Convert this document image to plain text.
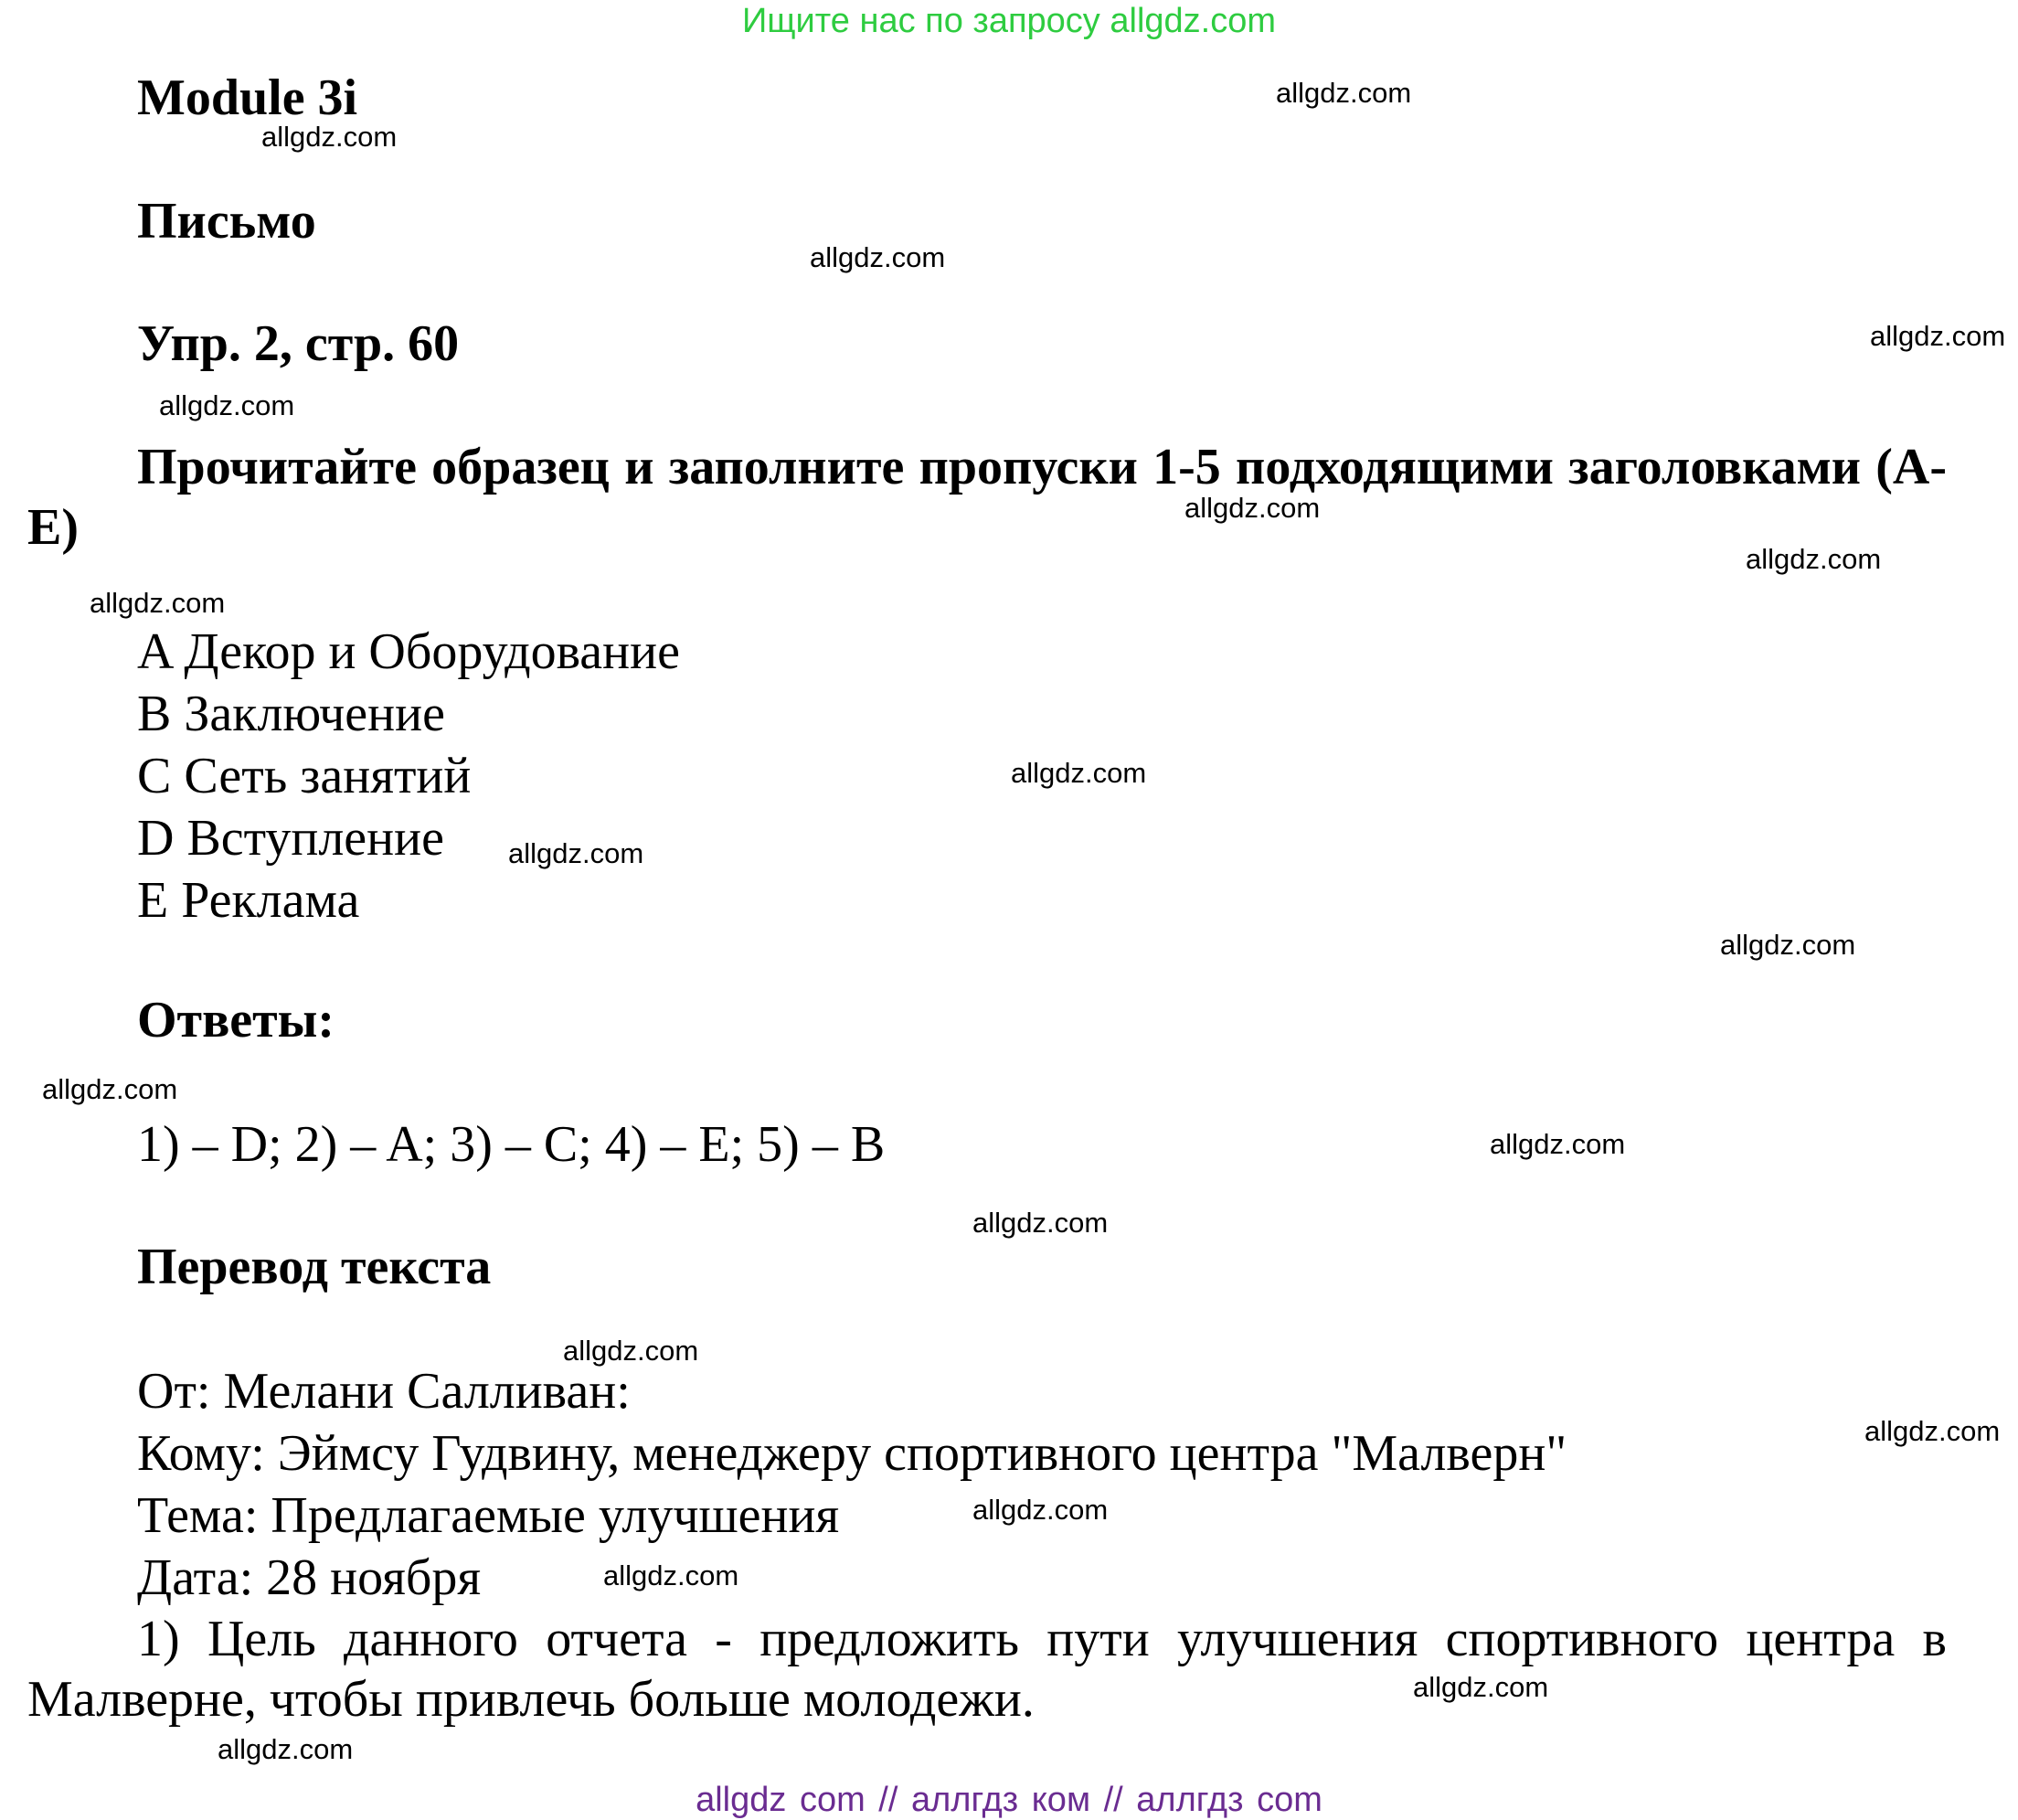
Ищите нас по запросу allgdz.com
Module 3i
Письмо
Упр. 2, стр. 60
Прочитайте образец и заполните пропуски 1-5 подходящими заголовками (A-E)
A Декор и Оборудование
B Заключение
C Сеть занятий
D Вступление
E Реклама
Ответы:
1) – D; 2) – A; 3) – C; 4) – E; 5) – B
Перевод текста
От: Мелани Салливан:
Кому: Эймсу Гудвину, менеджеру спортивного центра "Малверн"
Тема: Предлагаемые улучшения
Дата: 28 ноября
1) Цель данного отчета - предложить пути улучшения спортивного центра в Малверне, чтобы привлечь больше молодежи.
allgdz.com
allgdz.com
allgdz.com
allgdz.com
allgdz.com
allgdz.com
allgdz.com
allgdz.com
allgdz.com
allgdz.com
allgdz.com
allgdz.com
allgdz.com
allgdz.com
allgdz.com
allgdz.com
allgdz.com
allgdz.com
allgdz.com
allgdz.com
allgdz com // аллгдз ком // аллгдз com
